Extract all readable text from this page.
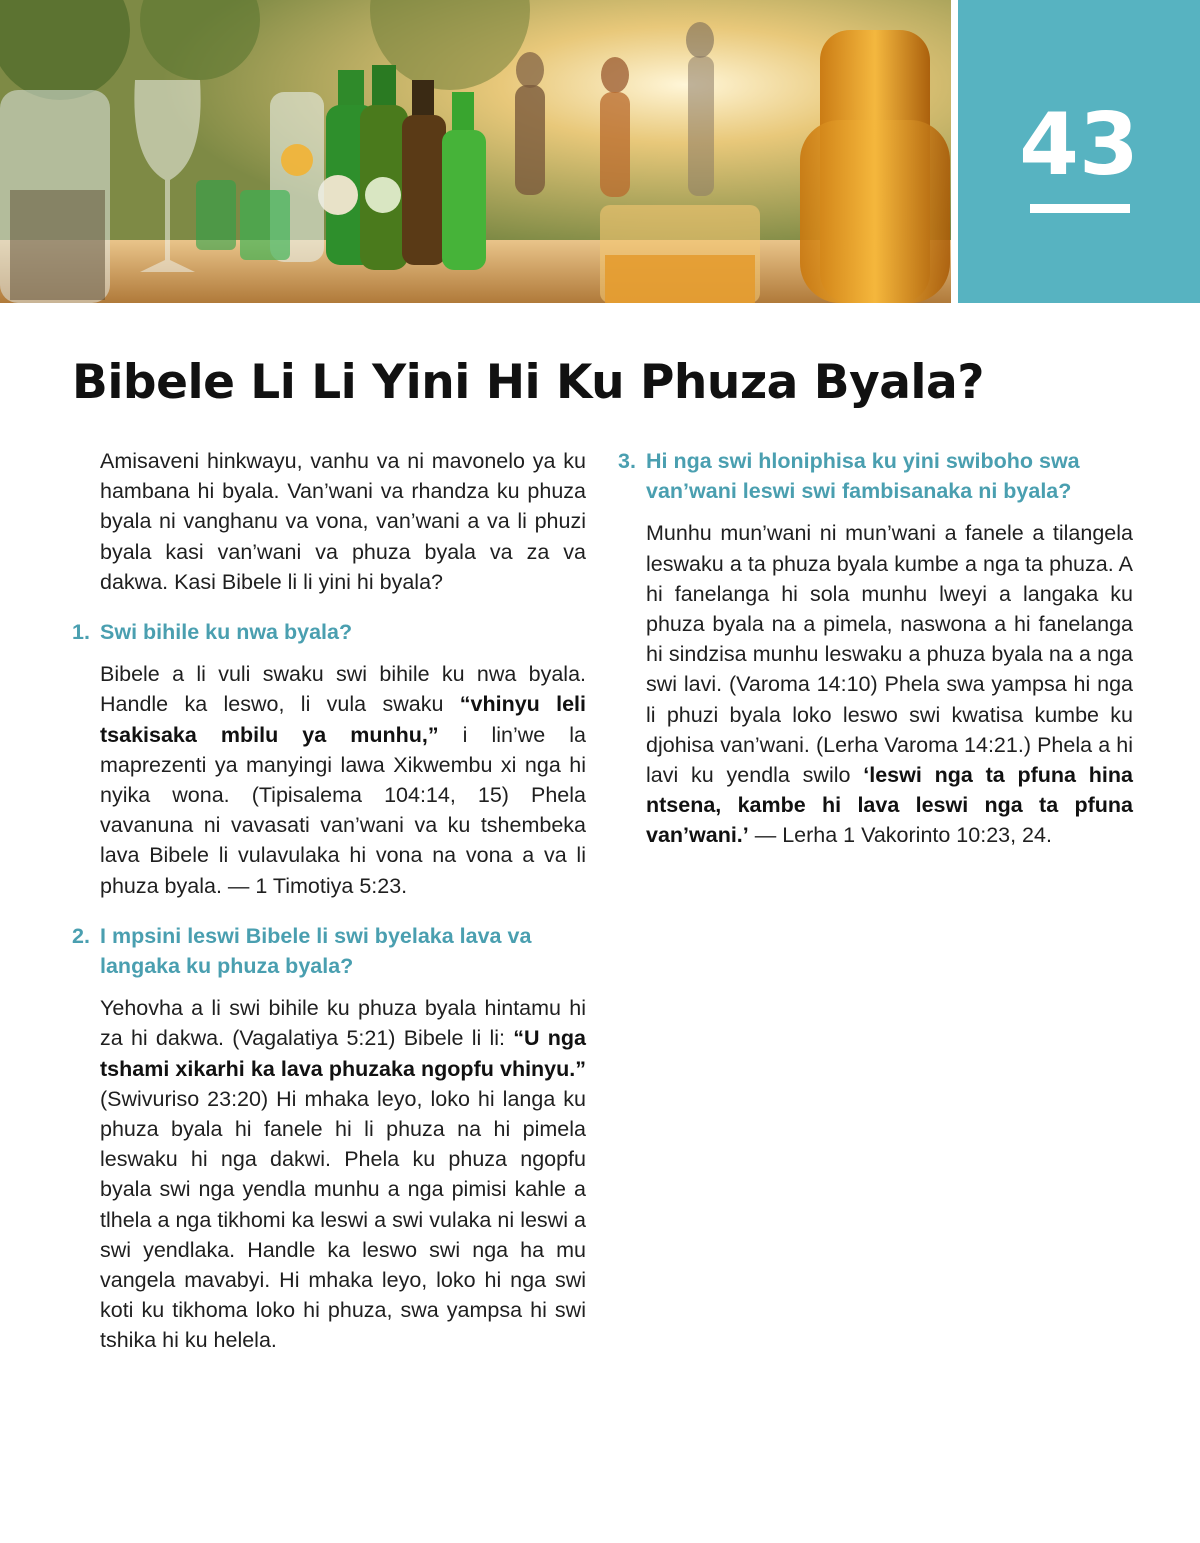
43
Bibele Li Li Yini Hi Ku Phuza Byala?

Amisaveni hinkwayu, vanhu va ni mavonelo ya ku hambana hi byala. Van’wani va rhandza ku phuza byala ni vanghanu va vona, van’wani a va li phuzi byala kasi van’wani va phuza byala va za va dakwa. Kasi Bibele li li yini hi byala?

1. Swi bihile ku nwa byala?

Bibele a li vuli swaku swi bihile ku nwa byala. Handle ka leswo, li vula swaku “vhinyu leli tsakisaka mbilu ya munhu,” i lin’we la maprezenti ya manyingi lawa Xikwembu xi nga hi nyika wona. (Tipisalema 104:14, 15) Phela vavanuna ni vavasati van’wani va ku tshembeka lava Bibele li vulavulaka hi vona na vona a va li phuza byala. — 1 Timotiya 5:23.

2. I mpsini leswi Bibele li swi byelaka lava va langaka ku phuza byala?

Yehovha a li swi bihile ku phuza byala hintamu hi za hi dakwa. (Vagalatiya 5:21) Bibele li li: “U nga tshami xikarhi ka lava phuzaka ngopfu vhinyu.” (Swivuriso 23:20) Hi mhaka leyo, loko hi langa ku phuza byala hi fanele hi li phuza na hi pimela leswaku hi nga dakwi. Phela ku phuza ngopfu byala swi nga yendla munhu a nga pimisi kahle a tlhela a nga tikhomi ka leswi a swi vulaka ni leswi a swi yendlaka. Handle ka leswo swi nga ha mu vangela mavabyi. Hi mhaka leyo, loko hi nga swi koti ku tikhoma loko hi phuza, swa yampsa hi swi tshika hi ku helela.

3. Hi nga swi hloniphisa ku yini swiboho swa van’wani leswi swi fambisanaka ni byala?

Munhu mun’wani ni mun’wani a fanele a tilangela leswaku a ta phuza byala kumbe a nga ta phuza. A hi fanelanga hi sola munhu lweyi a langaka ku phuza byala na a pimela, naswona a hi fanelanga hi sindzisa munhu leswaku a phuza byala na a nga swi lavi. (Varoma 14:10) Phela swa yampsa hi nga li phuzi byala loko leswo swi kwatisa kumbe ku djohisa van’wani. (Lerha Varoma 14:21.) Phela a hi lavi ku yendla swilo ‘leswi nga ta pfuna hina ntsena, kambe hi lava leswi nga ta pfuna van’wani.’ — Lerha 1 Vakorinto 10:23, 24.
